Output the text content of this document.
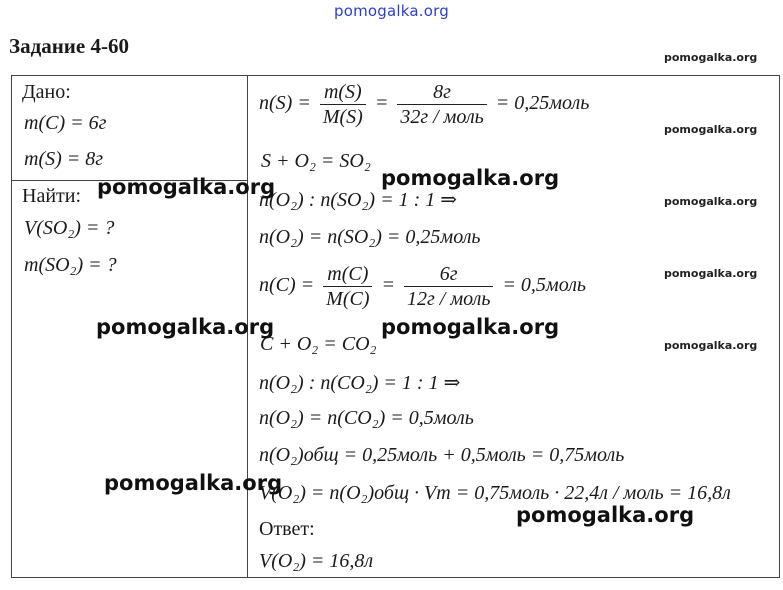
pomogalka.org
Задание 4-60
Дано:
m(C) = 6г
m(S) = 8г
Найти:
V(SO₂) = ?
m(SO₂) = ?
$n(S) = \frac{m(S)}{M(S)} = \frac{8г}{\text{32г / моль}}$ = 0,25моль
S + O₂ = SO₂
n(O₂) : n(SO₂) = 1 : 1 ⇒
n(O₂) = n(SO₂) = 0,25моль
$n(C) = \frac{m(C)}{M(C)} = \frac{6г}{\text{12г / моль}}$ = 0,5моль
C + O₂ = CO₂
n(O₂) : n(CO₂) = 1 : 1 ⇒
n(O₂) = n(CO₂) = 0,5моль
n(O₂)общ = 0,25моль + 0,5моль = 0,75моль
V(O₂) = n(O₂)общ · Vm = 0,75моль · 22,4л / моль = 16,8л
Ответ:
V(O₂) = 16,8л
pomogalka.org
pomogalka.org
pomogalka.org
pomogalka.org
pomogalka.org
pomogalka.org	pomogalka.org
pomogalka.org	pomogalka.org
pomogalka.org
pomogalka.org
